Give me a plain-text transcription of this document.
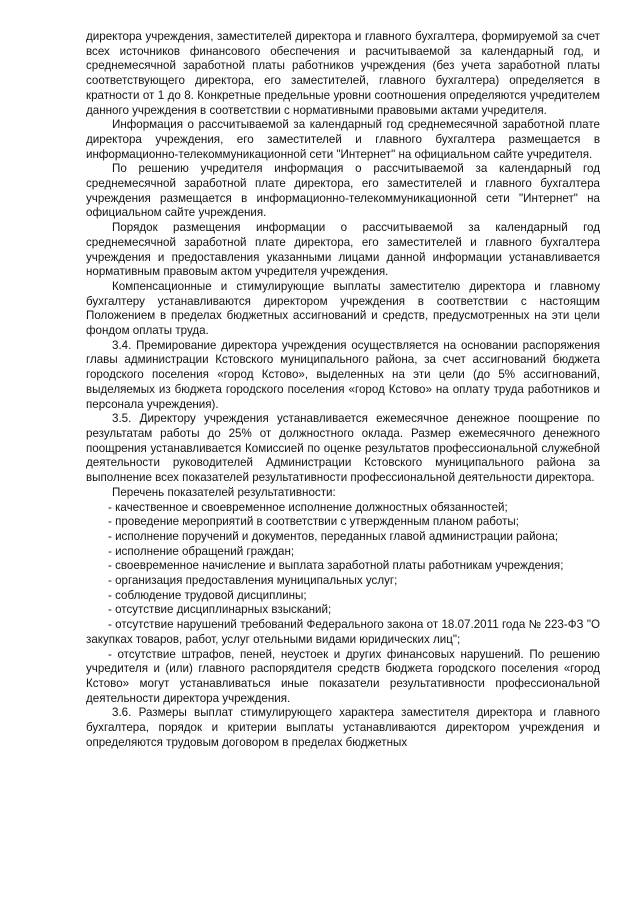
директора учреждения, заместителей директора и главного бухгалтера, формируемой за счет всех источников финансового обеспечения и расчитываемой за календарный год, и среднемесячной заработной платы работников учреждения (без учета заработной платы соответствующего директора, его заместителей, главного бухгалтера) определяется в кратности от 1 до 8. Конкретные предельные уровни соотношения определяются учредителем данного учреждения в соответствии с нормативными правовыми актами учредителя.

Информация о рассчитываемой за календарный год среднемесячной заработной плате директора учреждения, его заместителей и главного бухгалтера размещается в информационно-телекоммуникационной сети "Интернет" на официальном сайте учредителя.

По решению учредителя информация о рассчитываемой за календарный год среднемесячной заработной плате директора, его заместителей и главного бухгалтера учреждения размещается в информационно-телекоммуникационной сети "Интернет" на официальном сайте учреждения.

Порядок размещения информации о рассчитываемой за календарный год среднемесячной заработной плате директора, его заместителей и главного бухгалтера учреждения и предоставления указанными лицами данной информации устанавливается нормативным правовым актом учредителя учреждения.

Компенсационные и стимулирующие выплаты заместителю директора и главному бухгалтеру устанавливаются директором учреждения в соответствии с настоящим Положением в пределах бюджетных ассигнований и средств, предусмотренных на эти цели фондом оплаты труда.

3.4. Премирование директора учреждения осуществляется на основании распоряжения главы администрации Кстовского муниципального района, за счет ассигнований бюджета городского поселения «город Кстово», выделенных на эти цели (до 5% ассигнований, выделяемых из бюджета городского поселения «город Кстово» на оплату труда работников и персонала учреждения).

3.5. Директору учреждения устанавливается ежемесячное денежное поощрение по результатам работы до 25% от должностного оклада. Размер ежемесячного денежного поощрения устанавливается Комиссией по оценке результатов профессиональной служебной деятельности руководителей Администрации Кстовского муниципального района за выполнение всех показателей результативности профессиональной деятельности директора.

Перечень показателей результативности:

- качественное и своевременное исполнение должностных обязанностей;

- проведение мероприятий в соответствии с утвержденным планом работы;

- исполнение поручений и документов, переданных главой администрации района;

- исполнение обращений граждан;

- своевременное начисление и выплата заработной платы работникам учреждения;

- организация предоставления муниципальных услуг;

- соблюдение трудовой дисциплины;

- отсутствие дисциплинарных взысканий;

- отсутствие нарушений требований Федерального закона от 18.07.2011 года № 223-ФЗ "О закупках товаров, работ, услуг отельными видами юридических лиц";

- отсутствие штрафов, пеней, неустоек и других финансовых нарушений. По решению учредителя и (или) главного распорядителя средств бюджета городского поселения «город Кстово» могут устанавливаться иные показатели результативности профессиональной деятельности директора учреждения.

3.6. Размеры выплат стимулирующего характера заместителя директора и главного бухгалтера, порядок и критерии выплаты устанавливаются директором учреждения и определяются трудовым договором в пределах бюджетных
